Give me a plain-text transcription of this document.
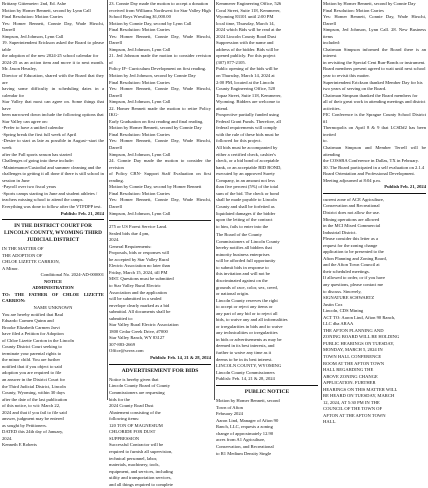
Brittany Gittemeier: 2nd, Ed. Ashe

Motion by Homer Bennett, second by Lynn Call

Final Resolution: Motion Carries

Yes: Homer Bennett, Connie Day, Wade Hirschi, Darrell

Simpson, Jed Johnson, Lynn Call

19. Superintendent Erickson asked the Board to please table

the adoption of the new 2024-25 school calendar for

2024-25 as an action item and move it to next month. Mr. Jason Heusley,

Director of Education, shared with the Board that they are

having some difficulty in scheduling dates in a calendar for

Star Valley that most can agree on. Some things that have

been narrowed down include the following options that

Star Valley can agree on:

-Prefer to have a unified calendar

-Spring break the first full week of April

-Desire to start as late as possible in August--start the week

after the Fall sports season has started

Challenges of going into these include:

-Maintenance/Custodial and summer cleaning and the

challenges to getting it all done if there is still school in

session in June

-Payroll over two fiscal years

-Sports camps starting in June and student athletes /

teachers missing school to attend the camps.

Everything was done to follow after the VTFDPP test.

Publish: Feb. 21, 2024

IN THE DISTRICT COURT FOR LINCOLN COUNTY, WYOMING THIRD JUDICIAL DISTRICT

IN THE MATTER OF

THE ADOPTION OF

CHLOE LIZETTE CARRION,

A Minor.

Conditional No. 2024-AD-000001

NOTICE

ADMINISTRATION

TO: THE FATHER OF CHLOE LIZETTE CARRION:

NAME UNKNOWN

You are hereby notified that Raul

Eduardo Carmen Quinn and

Brooke Elizabeth Carmen Jarvi

have filed a Petition for Adoption

of Chloe Lizette Carrion in the Lincoln

County District Court seeking to

terminate your parental rights to

the minor child. You are further

notified that if you object to said

adoption you are required to file

an answer in the District Court for

the Third Judicial District, Lincoln

County, Wyoming, within 30 days

after the date of the last publication

of this notice, to wit: March 22,

2024 and that if you fail to file said

answer, judgment may be entered

as sought by Petitioners.

DATED this 24th day of January,

2024.

Kenneth E Roberts

23. Connie Day made the motion to accept a donation

received from Williams Northwest for Star Valley High

School Boys Wrestling $1,000.00

Motion by Connie Day, second by Lynn Call

Final Resolution: Motion Carries

Yes: Homer Bennett, Connie Day, Wade Hirschi, Darrell

Simpson, Jed Johnson, Lynn Call

21. Jed Johnson made the motion to consider revision of

Policy IF- Curriculum Development on first reading.

Motion by Jed Johnson, second by Connie Day

Final Resolution: Motion Carries

Yes: Homer Bennett, Connie Day, Wade Hirschi, Darrell

Simpson, Jed Johnson, Lynn Call

22. Homer Bennett made the motion to retire Policy IKG-

Early Graduation on first reading and final reading.

Motion by Homer Bennett, second by Connie Day

Final Resolution: Motion Carries

Yes: Homer Bennett, Connie Day, Wade Hirschi, Darrell

Simpson, Jed Johnson, Lynn Call

24. Connie Day made the motion to consider the revision

of Policy CBN- Support Staff Evaluation on first reading.

Motion by Connie Day, second by Homer Bennett

Final Resolution: Motion Carries

Yes: Homer Bennett, Connie Day, Wade Hirschi, Darrell

Simpson, Jed Johnson, Lynn Call

275 or US Forest Service Land.

Sealed bids due 4 pm,

2024.

General Requirements:

Proposals, bids or responses will

be accepted by Star Valley Rural

Electric Association no later than

Friday, March 15, 2024, till PM

MST. Questions must be submitted

to Star Valley Rural Electric

Association and the application

will be submitted in a sealed

envelope clearly marked as a bid

submittal. All documents shall be

submitted to:

Star Valley Rural Electric Association

1800 Cedar Creek Drive, #7000

Star Valley Ranch, WY 83127

307-883-2669

Office@svrea.com

Publish: Feb. 14, 21 & 28, 2024

ADVERTISEMENT FOR BIDS

Notice is hereby given that

Lincoln County Board of County

Commissioners are requesting

bids for the

2024 County Road Dust

Abatement consisting of the

following items:

120 TON OF MAGNESIUM

CHLORIDE FOR DUST

SUPPRESSION

Successful Contractor will be

required to furnish all supervision,

technical personnel, labor,

materials, machinery, tools,

equipment, and services, including

utility and transportation services,

and all things required to complete

Kemmerer Engineering Office, 526

Coral Street, Suite 118, Kemmerer,

Wyoming 83101 until 2:00 PM

local time, Thursday, March 14,

2024 which Bids will be read at the

2024 Lincoln County Road Dust

Suppression with the name and

address of the bidder. Bids will be

opened publicly. For this project

(307) 877-2105.

Public opening of the bids will be

on Thursday, March 14, 2024 at

2:00 PM, located at the Lincoln

County Engineering Office, 520

Topaz Street, Suite 118, Kemmerer,

Wyoming. Bidders are welcome to

attend.

Prospective partially funded using

Federal Grant Funds. Therefore, all

federal requirements will comply

with the rule of these bids must be

followed for this project.

All bids must be accompanied by

either a certified check, cashier's

check, or a bid bond of acceptable

bank, or an acceptable BID BOND,

executed by an approved Surety

Company, in an amount not less

than five percent (5%) of the total

sum of the bid. The check or bond

shall be made payable to Lincoln

County and shall be forfeited as

liquidated damages if the bidder

upon the letting of the contract

to him, fails to enter into the

The Board of the County

Commissioners of Lincoln County

hereby notifies all bidders that

minority business enterprises

will be afforded full opportunity

to submit bids in response to

this invitation and will not be

discriminated against on the

grounds of race, color, sex, creed,

or national origin.

Lincoln County reserves the right

to accept or reject any items or

any part of any bid or to reject all

bids, to waive any and all informalities

or irregularities in bids and to waive

any technicalities or irregularities

in bids or advertisements as may be

deemed in its best interests, and

further to waive any time as it

deems to be in its best interest.

LINCOLN COUNTY, WYOMING

Lincoln County Commissioners

Publish: Feb. 14, 21 & 28, 2024

PUBLIC NOTICE

Motion by Homer Bennett, second

Town of Afton

February 2024

Aaron Lind, Manager of Afton 90

Ranch, LLC, requests a zoning

change of approximately 12.90

acres from A1 Agriculture,

Conservation, and Recreational

to R1 Medium Density Single

Motion by Homer Bennett, second by Connie Day

Final Resolution: Motion Carries

Yes: Homer Bennett, Connie Day, Wade Hirschi, Darrell

Simpson, Jed Johnson, Lynn Call. 28. New Business items

included:

Chairman Simpson informed the Board there is an interest

in revisiting the Special Cent Run-Bonds or instrument.

Board members present agreed to wait until next school

year to revisit this matter.

Superintendent Erickson thanked Member Day for his

two years of serving on the Board.

Chairman Simpson thanked the Board members for

all of their great work in attending meetings and district

activities.

PIC Conference is the Sprague County School District #1

Thermopolis on April 8 & 9 that LCSD#2 has been invited

to.

Chairman Simpson and Member Terrell will be attending

the COSSBA Conference in Dallas, TX in February.

30. The Board participated in a self evaluation on 2.1.4

Board Orientation and Professional Development.

Meeting adjourned at 8:04 p.m.

Publish Feb. 21, 2024

current zone of ACE Agriculture,

Conservation and Recreational

District does not allow the use.

Mining operations are allowed

in the MCI Mixed Commercial

Industrial District.

Please consider this letter as a

request for the zoning change

application to be presented to the

Afton Planning and Zoning Board,

and the Afton Town Council at

their scheduled meetings.

If allowed to order, or if you have

any questions, please contact me

to discuss. Sincerely,

SIGNATURE SCHWARTZ

Justin Cox

Lincoln, CDS Mining

ACT TO: Aaron Lind, Afton 90 Ranch,

LLC dba ARAA

THE AFTON PLANNING AND

ZONING BOARD WILL BE HOLDING

PUBLIC HEARINGS ON TUESDAY,

MONDAY, MARCH 5, 2024 IN

TOWN HALL CONFERENCE

ROOM AT THE AFTON TOWN

HALL REGARDING THE

ABOVE ZONING CHANGE

APPLICATION. FURTHER

HEARINGS ON THIS MATTER WILL

BE HEARD ON TUESDAY, MARCH

12, 2024, AT 5:30 PM IN THE

COUNCIL OF THE TOWN OF

AFTON AT THE AFTON TOWN

HALL.
